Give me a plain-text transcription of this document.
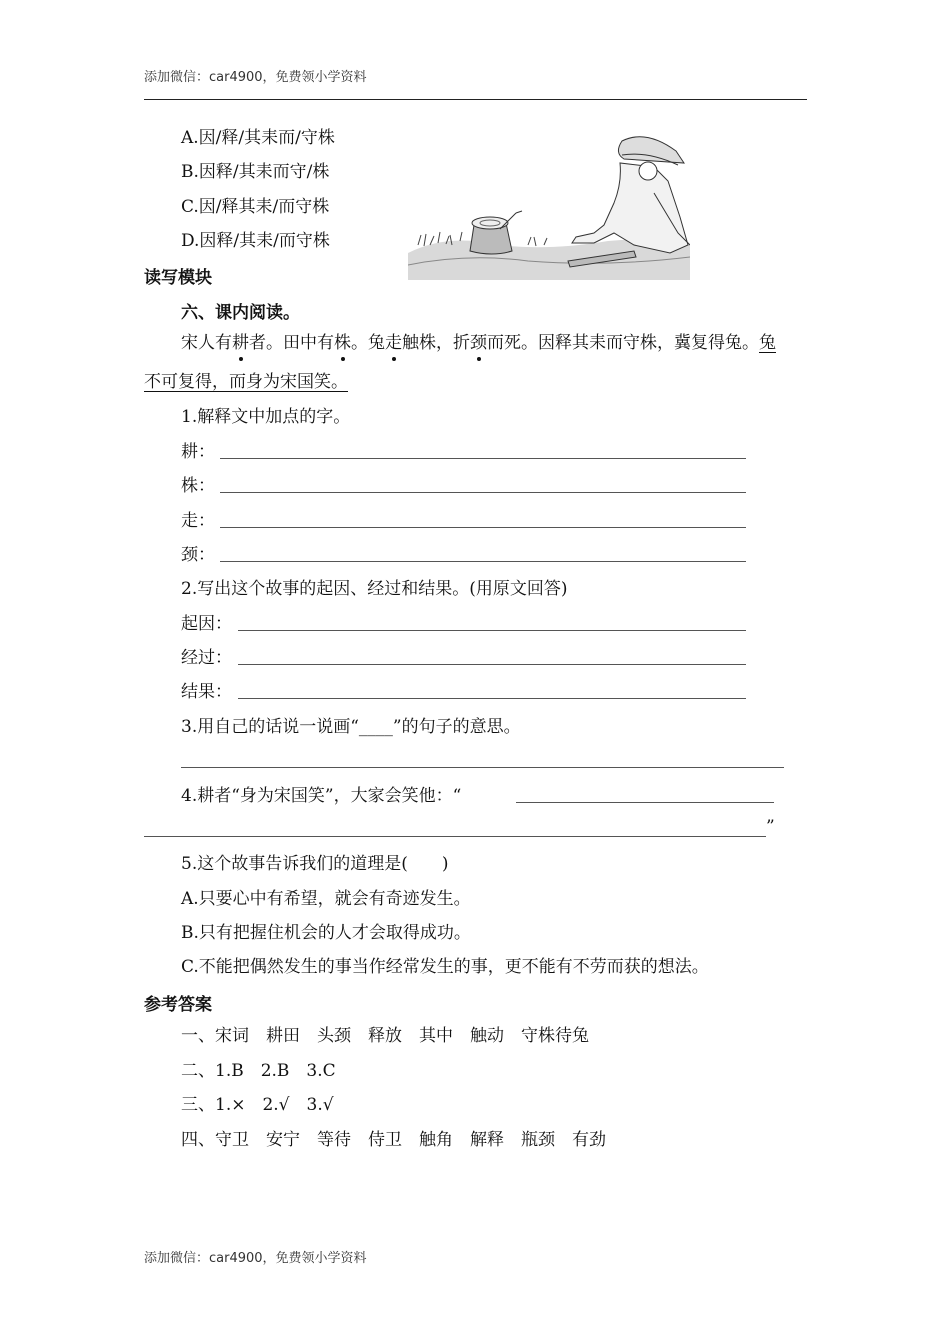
添加微信：car4900，免费领小学资料
A.因/释/其耒而/守株
B.因释/其耒而守/株
C.因/释其耒/而守株
D.因释/其耒/而守株
读写模块
六、课内阅读。
宋人有耕者。田中有株。兔走触株，折颈而死。因释其耒而守株，冀复得兔。兔
不可复得，而身为宋国笑。
1.解释文中加点的字。
耕：
株：
走：
颈：
2.写出这个故事的起因、经过和结果。(用原文回答)
起因：
经过：
结果：
3.用自己的话说一说画“____”的句子的意思。
4.耕者“身为宋国笑”，大家会笑他：“
”
5.这个故事告诉我们的道理是(　　)
A.只要心中有希望，就会有奇迹发生。
B.只有把握住机会的人才会取得成功。
C.不能把偶然发生的事当作经常发生的事，更不能有不劳而获的想法。
参考答案
一、宋词　耕田　头颈　释放　其中　触动　守株待兔
二、1.B　2.B　3.C
三、1.×　2.√　3.√
四、守卫　安宁　等待　侍卫　触角　解释　瓶颈　有劲
添加微信：car4900，免费领小学资料
